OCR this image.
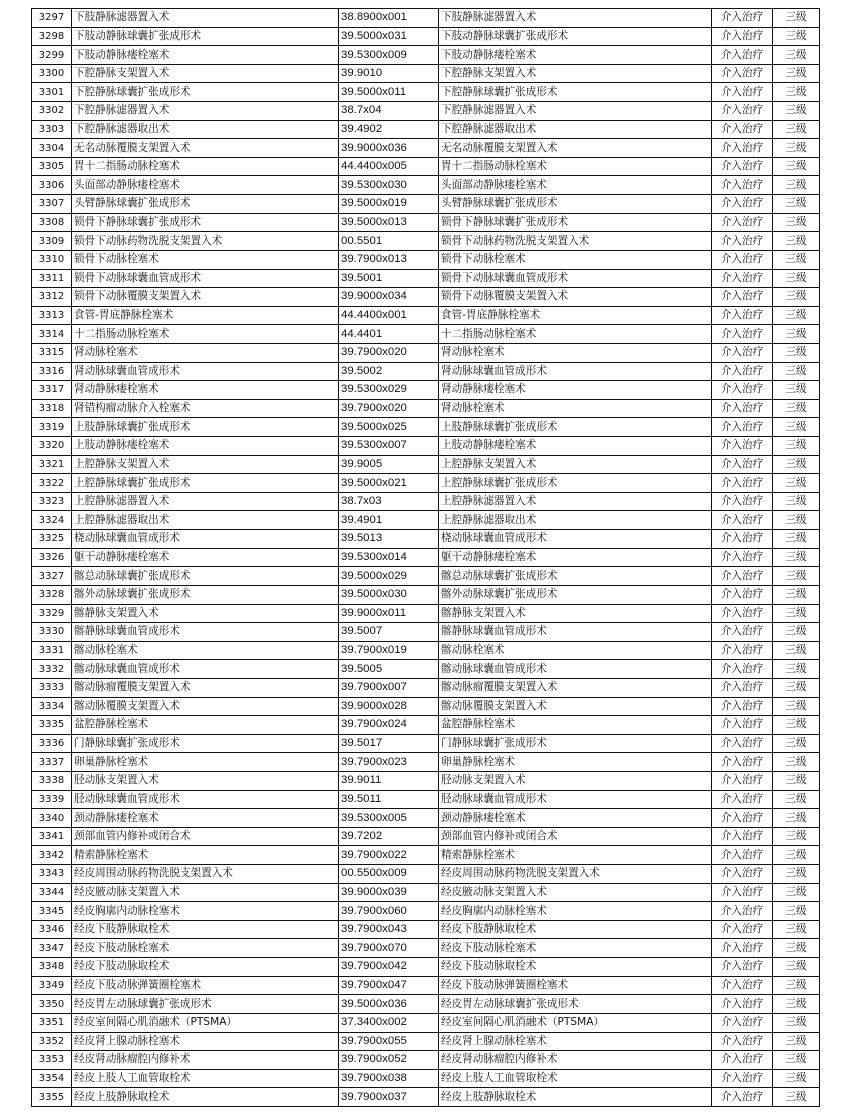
3297	下肢静脉滤器置入术	38.8900x001	下肢静脉滤器置入术	介入治疗	三级
3298	下肢动静脉球囊扩张成形术	39.5000x031	下肢动静脉球囊扩张成形术	介入治疗	三级
3299	下肢动静脉瘘栓塞术	39.5300x009	下肢动静脉瘘栓塞术	介入治疗	三级
3300	下腔静脉支架置入术	39.9010	下腔静脉支架置入术	介入治疗	三级
3301	下腔静脉球囊扩张成形术	39.5000x011	下腔静脉球囊扩张成形术	介入治疗	三级
3302	下腔静脉滤器置入术	38.7x04	下腔静脉滤器置入术	介入治疗	三级
3303	下腔静脉滤器取出术	39.4902	下腔静脉滤器取出术	介入治疗	三级
3304	无名动脉覆膜支架置入术	39.9000x036	无名动脉覆膜支架置入术	介入治疗	三级
3305	胃十二指肠动脉栓塞术	44.4400x005	胃十二指肠动脉栓塞术	介入治疗	三级
3306	头面部动静脉瘘栓塞术	39.5300x030	头面部动静脉瘘栓塞术	介入治疗	三级
3307	头臂静脉球囊扩张成形术	39.5000x019	头臂静脉球囊扩张成形术	介入治疗	三级
3308	锁骨下静脉球囊扩张成形术	39.5000x013	锁骨下静脉球囊扩张成形术	介入治疗	三级
3309	锁骨下动脉药物洗脱支架置入术	00.5501	锁骨下动脉药物洗脱支架置入术	介入治疗	三级
3310	锁骨下动脉栓塞术	39.7900x013	锁骨下动脉栓塞术	介入治疗	三级
3311	锁骨下动脉球囊血管成形术	39.5001	锁骨下动脉球囊血管成形术	介入治疗	三级
3312	锁骨下动脉覆膜支架置入术	39.9000x034	锁骨下动脉覆膜支架置入术	介入治疗	三级
3313	食管-胃底静脉栓塞术	44.4400x001	食管-胃底静脉栓塞术	介入治疗	三级
3314	十二指肠动脉栓塞术	44.4401	十二指肠动脉栓塞术	介入治疗	三级
3315	肾动脉栓塞术	39.7900x020	肾动脉栓塞术	介入治疗	三级
3316	肾动脉球囊血管成形术	39.5002	肾动脉球囊血管成形术	介入治疗	三级
3317	肾动静脉瘘栓塞术	39.5300x029	肾动静脉瘘栓塞术	介入治疗	三级
3318	肾错构瘤动脉介入栓塞术	39.7900x020	肾动脉栓塞术	介入治疗	三级
3319	上肢静脉球囊扩张成形术	39.5000x025	上肢静脉球囊扩张成形术	介入治疗	三级
3320	上肢动静脉瘘栓塞术	39.5300x007	上肢动静脉瘘栓塞术	介入治疗	三级
3321	上腔静脉支架置入术	39.9005	上腔静脉支架置入术	介入治疗	三级
3322	上腔静脉球囊扩张成形术	39.5000x021	上腔静脉球囊扩张成形术	介入治疗	三级
3323	上腔静脉滤器置入术	38.7x03	上腔静脉滤器置入术	介入治疗	三级
3324	上腔静脉滤器取出术	39.4901	上腔静脉滤器取出术	介入治疗	三级
3325	桡动脉球囊血管成形术	39.5013	桡动脉球囊血管成形术	介入治疗	三级
3326	躯干动静脉瘘栓塞术	39.5300x014	躯干动静脉瘘栓塞术	介入治疗	三级
3327	髂总动脉球囊扩张成形术	39.5000x029	髂总动脉球囊扩张成形术	介入治疗	三级
3328	髂外动脉球囊扩张成形术	39.5000x030	髂外动脉球囊扩张成形术	介入治疗	三级
3329	髂静脉支架置入术	39.9000x011	髂静脉支架置入术	介入治疗	三级
3330	髂静脉球囊血管成形术	39.5007	髂静脉球囊血管成形术	介入治疗	三级
3331	髂动脉栓塞术	39.7900x019	髂动脉栓塞术	介入治疗	三级
3332	髂动脉球囊血管成形术	39.5005	髂动脉球囊血管成形术	介入治疗	三级
3333	髂动脉瘤覆膜支架置入术	39.7900x007	髂动脉瘤覆膜支架置入术	介入治疗	三级
3334	髂动脉覆膜支架置入术	39.9000x028	髂动脉覆膜支架置入术	介入治疗	三级
3335	盆腔静脉栓塞术	39.7900x024	盆腔静脉栓塞术	介入治疗	三级
3336	门静脉球囊扩张成形术	39.5017	门静脉球囊扩张成形术	介入治疗	三级
3337	卵巢静脉栓塞术	39.7900x023	卵巢静脉栓塞术	介入治疗	三级
3338	胫动脉支架置入术	39.9011	胫动脉支架置入术	介入治疗	三级
3339	胫动脉球囊血管成形术	39.5011	胫动脉球囊血管成形术	介入治疗	三级
3340	颈动静脉瘘栓塞术	39.5300x005	颈动静脉瘘栓塞术	介入治疗	三级
3341	颈部血管内修补或闭合术	39.7202	颈部血管内修补或闭合术	介入治疗	三级
3342	精索静脉栓塞术	39.7900x022	精索静脉栓塞术	介入治疗	三级
3343	经皮周围动脉药物洗脱支架置入术	00.5500x009	经皮周围动脉药物洗脱支架置入术	介入治疗	三级
3344	经皮腋动脉支架置入术	39.9000x039	经皮腋动脉支架置入术	介入治疗	三级
3345	经皮胸廓内动脉栓塞术	39.7900x060	经皮胸廓内动脉栓塞术	介入治疗	三级
3346	经皮下肢静脉取栓术	39.7900x043	经皮下肢静脉取栓术	介入治疗	三级
3347	经皮下肢动脉栓塞术	39.7900x070	经皮下肢动脉栓塞术	介入治疗	三级
3348	经皮下肢动脉取栓术	39.7900x042	经皮下肢动脉取栓术	介入治疗	三级
3349	经皮下肢动脉弹簧圈栓塞术	39.7900x047	经皮下肢动脉弹簧圈栓塞术	介入治疗	三级
3350	经皮胃左动脉球囊扩张成形术	39.5000x036	经皮胃左动脉球囊扩张成形术	介入治疗	三级
3351	经皮室间隔心肌消融术（PTSMA）	37.3400x002	经皮室间隔心肌消融术（PTSMA）	介入治疗	三级
3352	经皮肾上腺动脉栓塞术	39.7900x055	经皮肾上腺动脉栓塞术	介入治疗	三级
3353	经皮肾动脉瘤腔内修补术	39.7900x052	经皮肾动脉瘤腔内修补术	介入治疗	三级
3354	经皮上肢人工血管取栓术	39.7900x038	经皮上肢人工血管取栓术	介入治疗	三级
3355	经皮上肢静脉取栓术	39.7900x037	经皮上肢静脉取栓术	介入治疗	三级
